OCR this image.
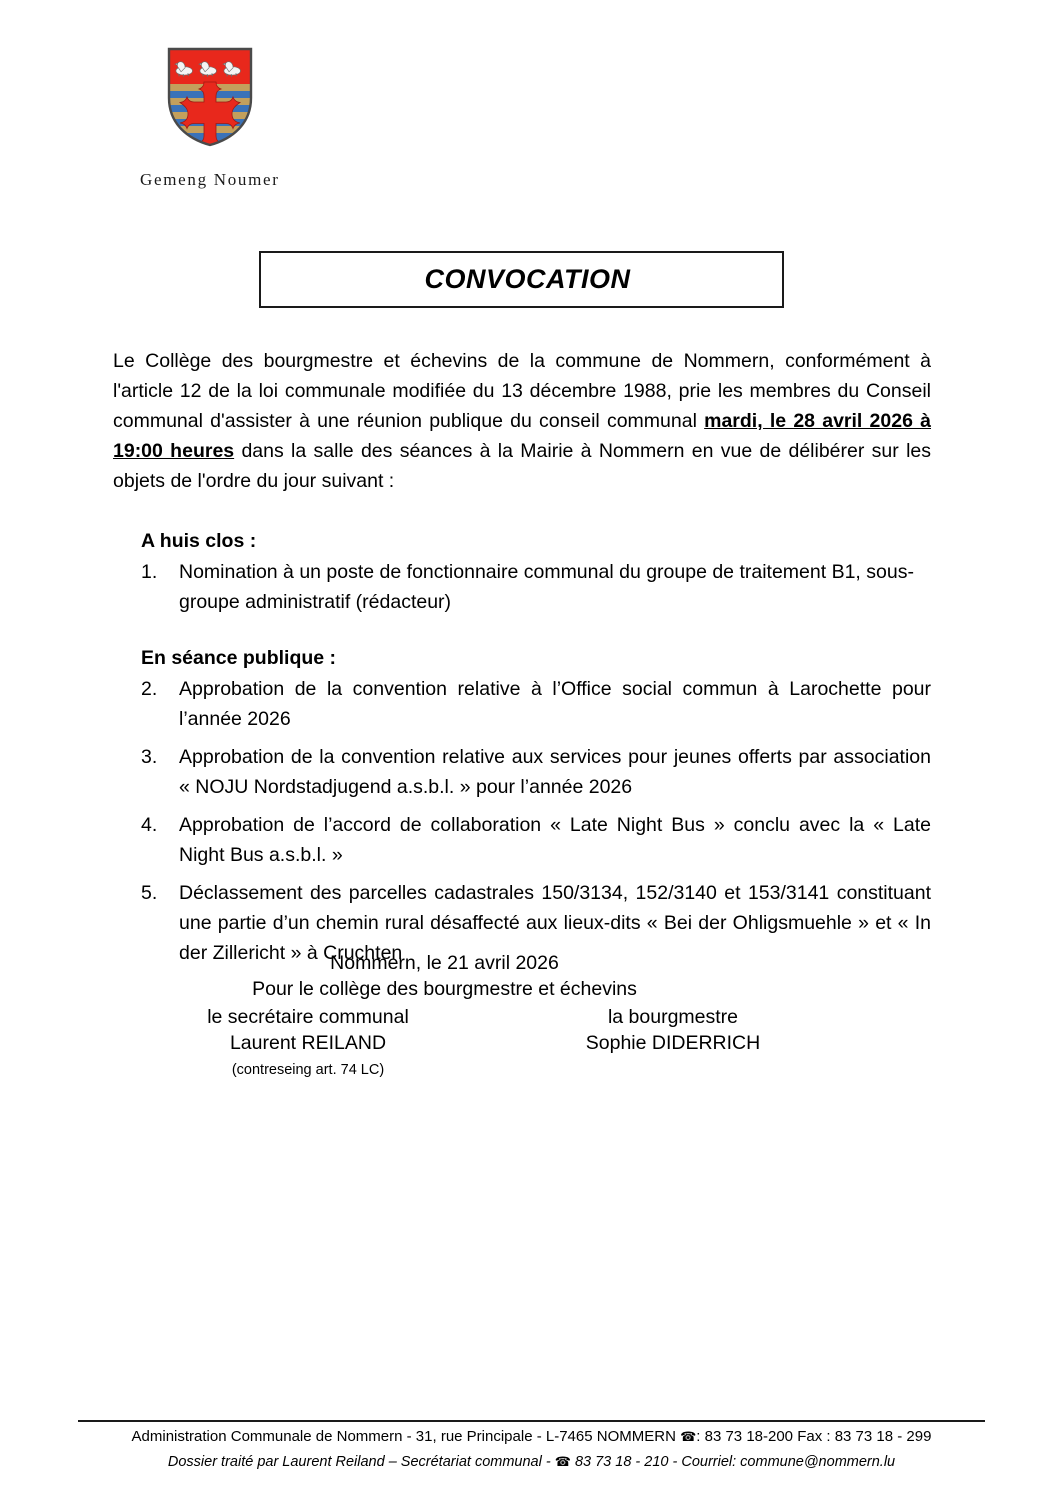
Gemeng Noumer
CONVOCATION

Le Collège des bourgmestre et échevins de la commune de Nommern, conformément à l'article 12 de la loi communale modifiée du 13 décembre 1988, prie les membres du Conseil communal d'assister à une réunion publique du conseil communal mardi, le 28 avril 2026 à 19:00 heures dans la salle des séances à la Mairie à Nommern en vue de délibérer sur les objets de l'ordre du jour suivant :

A huis clos :
1.	Nomination à un poste de fonctionnaire communal du groupe de traitement B1, sous-groupe administratif (rédacteur)
En séance publique :
2.	Approbation de la convention relative à l’Office social commun à Larochette pour l’année 2026
3.	Approbation de la convention relative aux services pour jeunes offerts par association « NOJU Nordstadjugend a.s.b.l. » pour l’année 2026
4.	Approbation de l’accord de collaboration « Late Night Bus » conclu avec la « Late Night Bus a.s.b.l. »
5.	Déclassement des parcelles cadastrales 150/3134, 152/3140 et 153/3141 constituant une partie d’un chemin rural désaffecté aux lieux-dits « Bei der Ohligsmuehle » et « In der Zillericht » à Cruchten
Nommern, le 21 avril 2026
Pour le collège des bourgmestre et échevins
le secrétaire communal
Laurent REILAND
(contreseing art. 74 LC)
la bourgmestre
Sophie DIDERRICH
Administration Communale de Nommern - 31, rue Principale - L-7465 NOMMERN ☎: 83 73 18-200 Fax : 83 73 18 - 299
Dossier traité par Laurent Reiland – Secrétariat communal - ☎ 83 73 18 - 210 - Courriel: commune@nommern.lu
